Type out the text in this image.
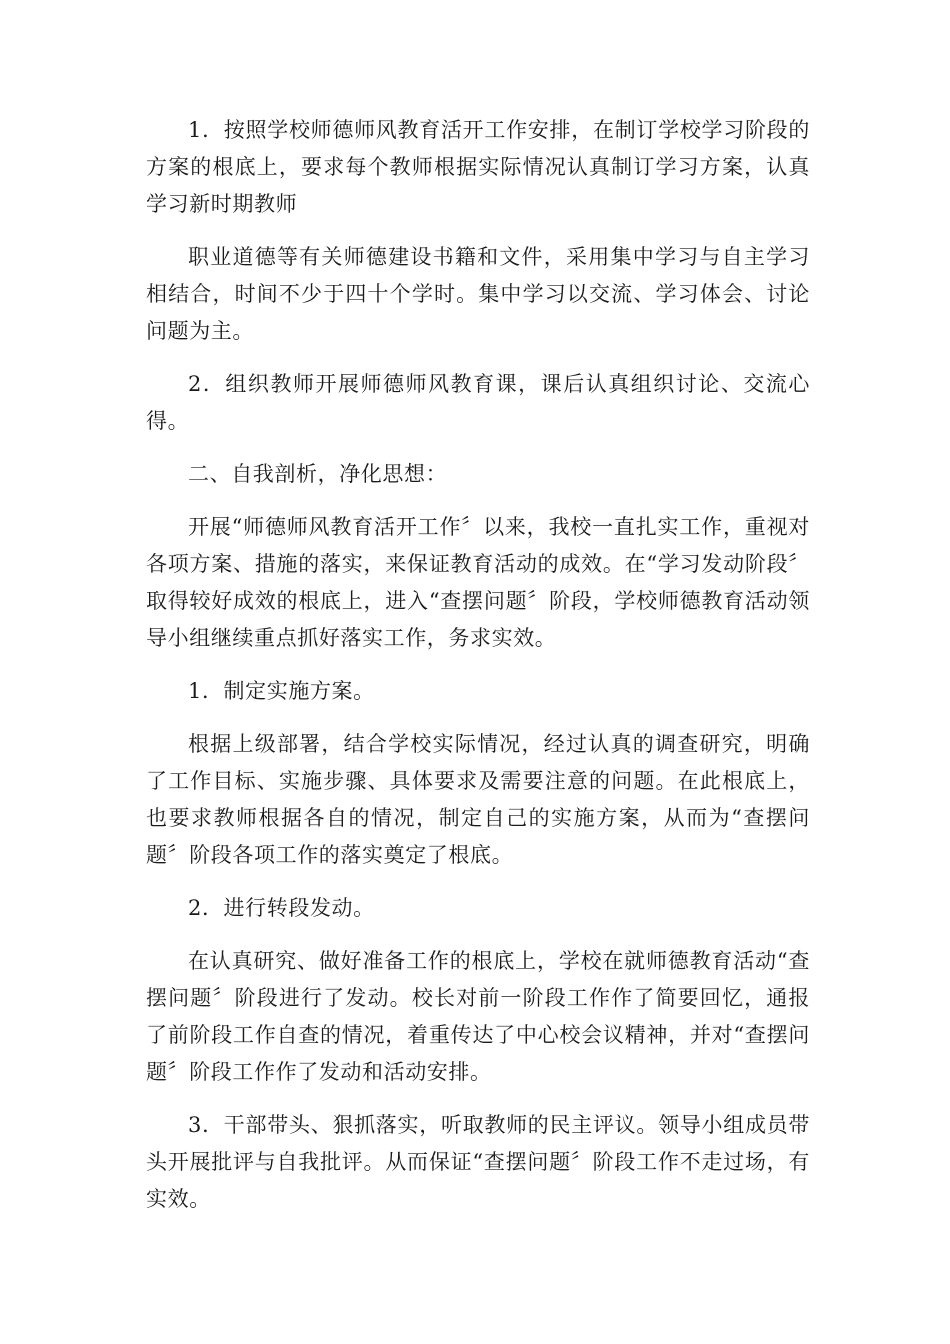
1．按照学校师德师风教育活开工作安排，在制订学校学习阶段的方案的根底上，要求每个教师根据实际情况认真制订学习方案，认真学习新时期教师

职业道德等有关师德建设书籍和文件，采用集中学习与自主学习相结合，时间不少于四十个学时。集中学习以交流、学习体会、讨论问题为主。

2．组织教师开展师德师风教育课，课后认真组织讨论、交流心得。

二、自我剖析，净化思想：

开展“师德师风教育活开工作〞以来，我校一直扎实工作，重视对各项方案、措施的落实，来保证教育活动的成效。在“学习发动阶段〞取得较好成效的根底上，进入“查摆问题〞阶段，学校师德教育活动领导小组继续重点抓好落实工作，务求实效。

1．制定实施方案。

根据上级部署，结合学校实际情况，经过认真的调查研究，明确了工作目标、实施步骤、具体要求及需要注意的问题。在此根底上，也要求教师根据各自的情况，制定自己的实施方案，从而为“查摆问题〞阶段各项工作的落实奠定了根底。

2．进行转段发动。

在认真研究、做好准备工作的根底上，学校在就师德教育活动“查摆问题〞阶段进行了发动。校长对前一阶段工作作了简要回忆，通报了前阶段工作自查的情况，着重传达了中心校会议精神，并对“查摆问题〞阶段工作作了发动和活动安排。

3．干部带头、狠抓落实，听取教师的民主评议。领导小组成员带头开展批评与自我批评。从而保证“查摆问题〞阶段工作不走过场，有实效。
